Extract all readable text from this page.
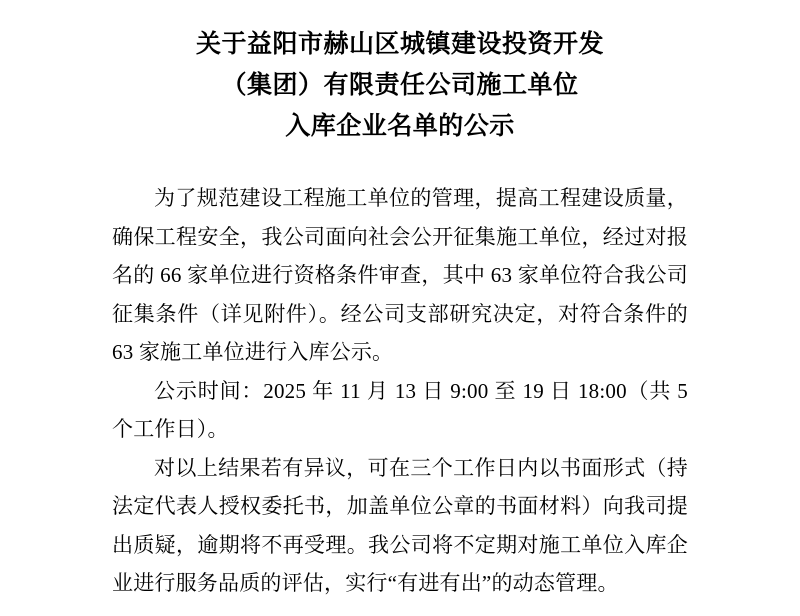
关于益阳市赫山区城镇建设投资开发
（集团）有限责任公司施工单位
入库企业名单的公示

为了规范建设工程施工单位的管理，提高工程建设质量，确保工程安全，我公司面向社会公开征集施工单位，经过对报名的 66 家单位进行资格条件审查，其中 63 家单位符合我公司征集条件（详见附件）。经公司支部研究决定，对符合条件的 63 家施工单位进行入库公示。

公示时间：2025 年 11 月 13 日 9:00 至 19 日 18:00（共 5 个工作日）。

对以上结果若有异议，可在三个工作日内以书面形式（持法定代表人授权委托书，加盖单位公章的书面材料）向我司提出质疑，逾期将不再受理。我公司将不定期对施工单位入库企业进行服务品质的评估，实行“有进有出”的动态管理。
